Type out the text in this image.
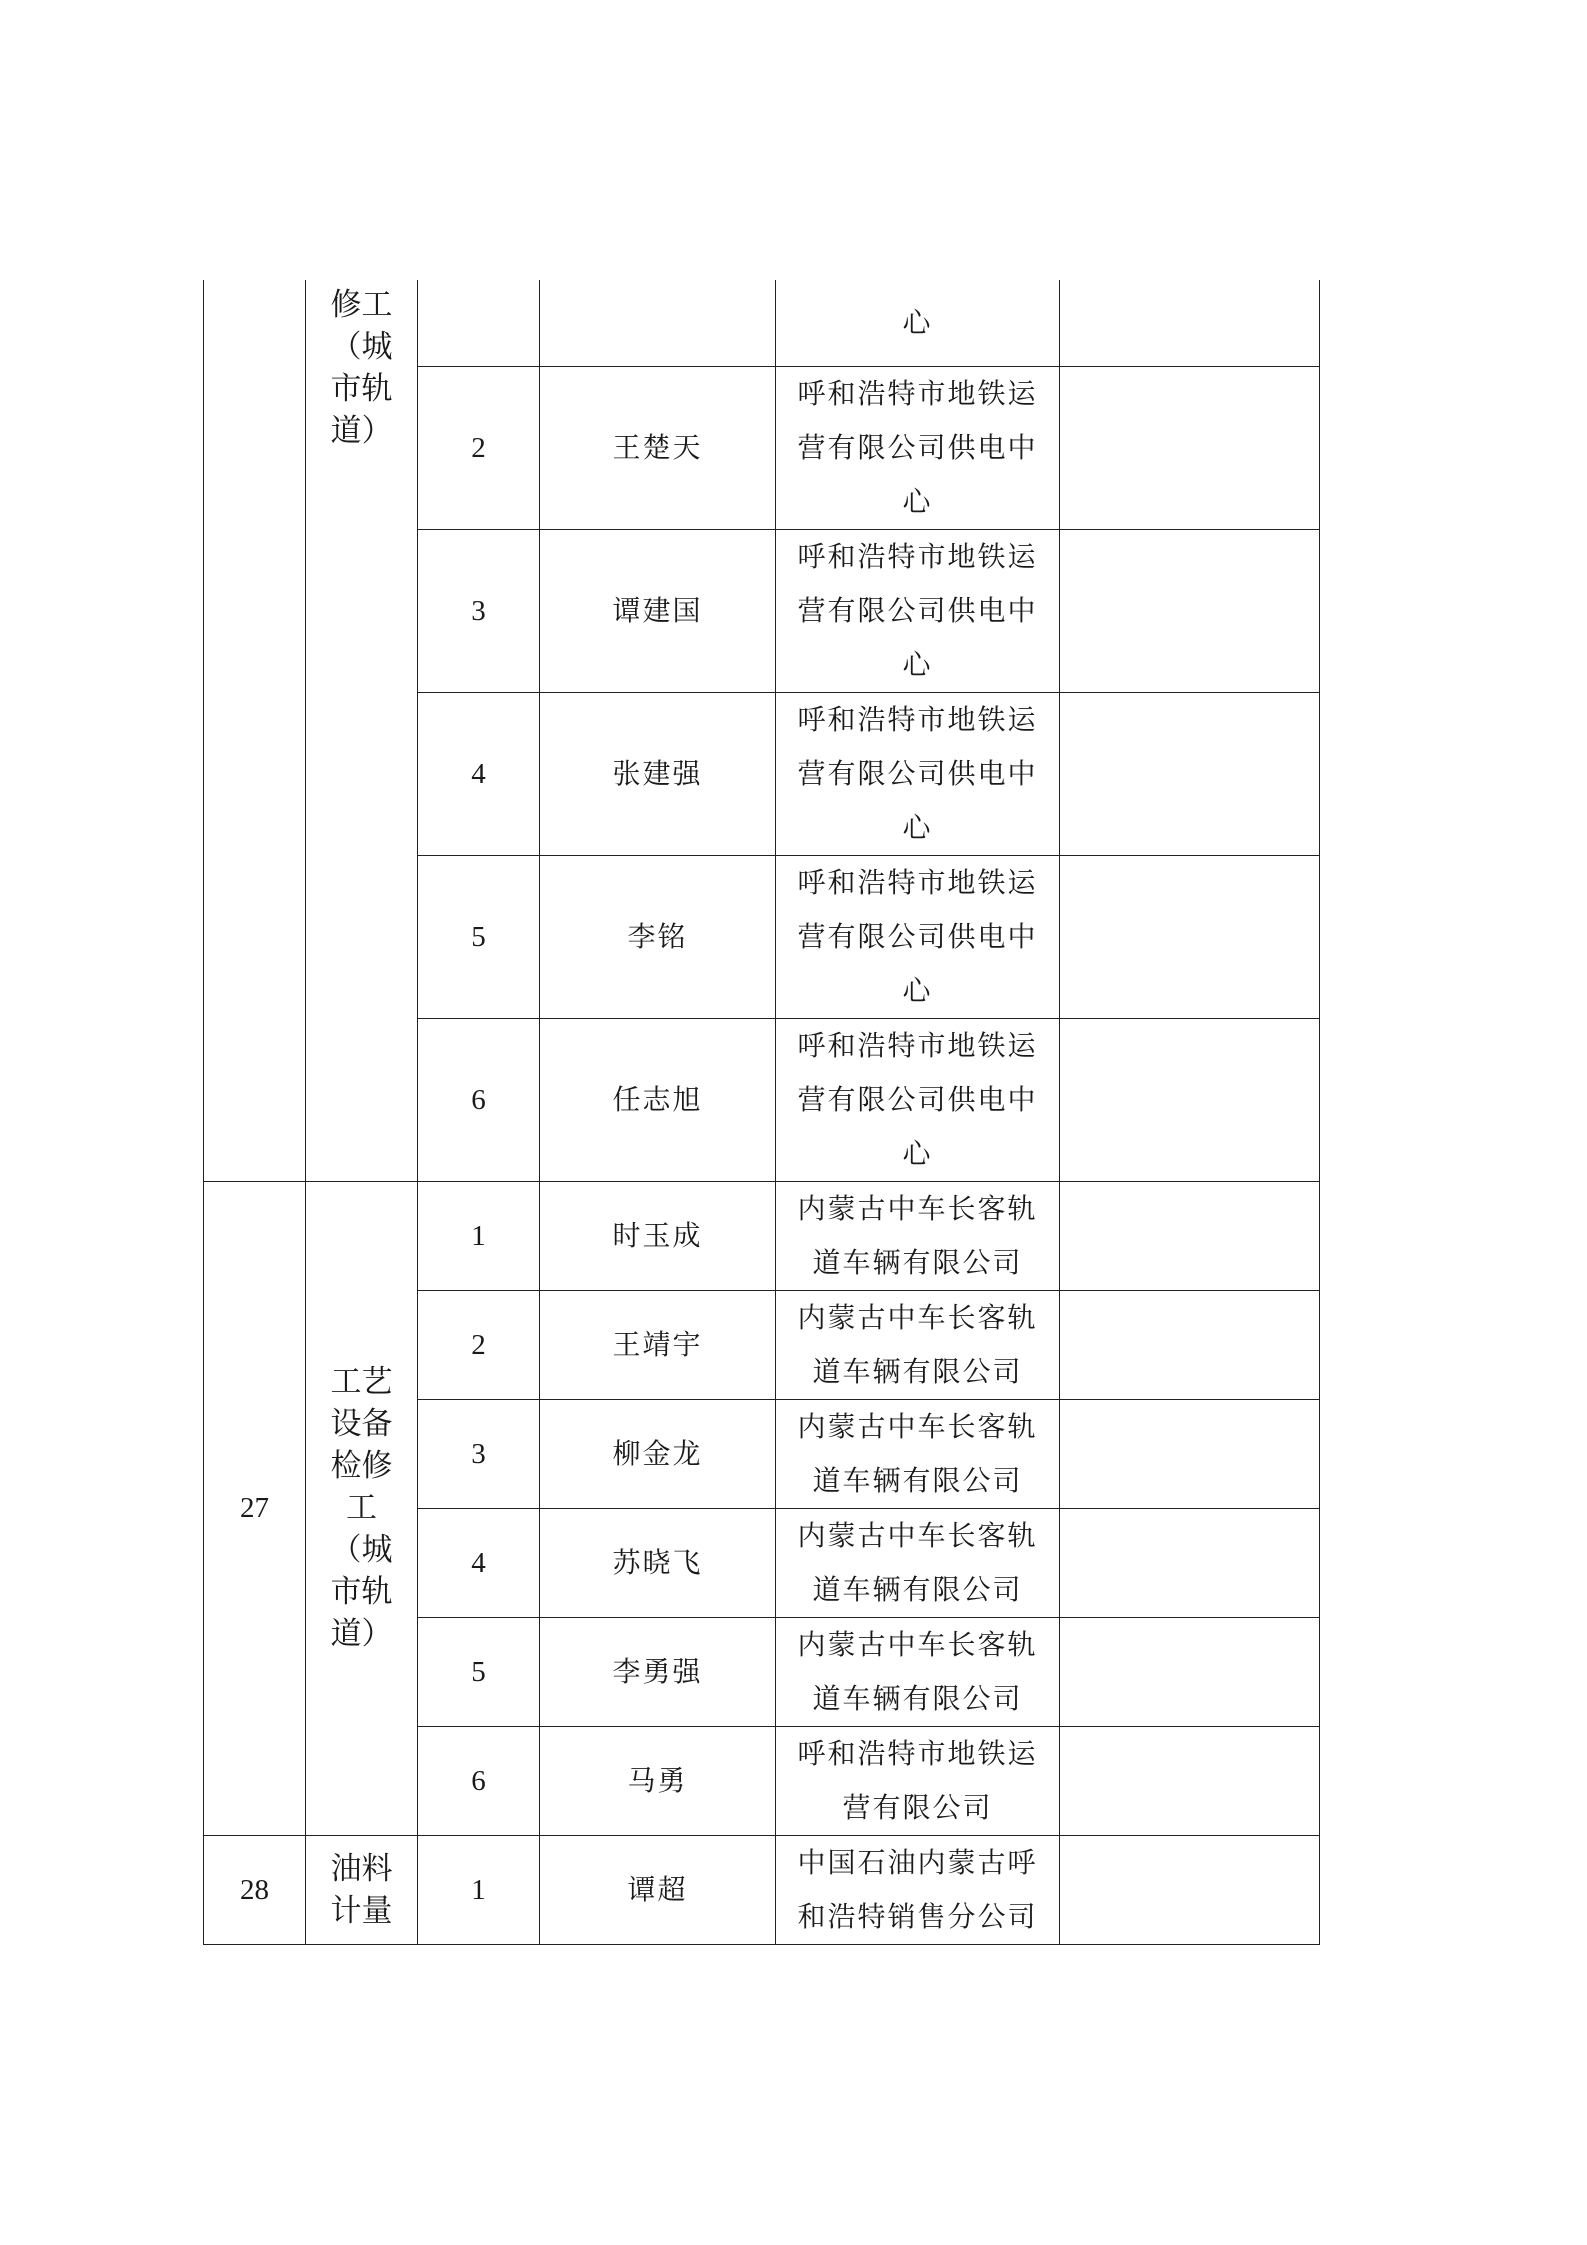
	修工（城市轨道）			心	

		2	王楚天	呼和浩特市地铁运
营有限公司供电中
心	

		3	谭建国	呼和浩特市地铁运
营有限公司供电中
心	

		4	张建强	呼和浩特市地铁运
营有限公司供电中
心	

		5	李铭	呼和浩特市地铁运
营有限公司供电中
心	

		6	任志旭	呼和浩特市地铁运
营有限公司供电中
心	

27	工艺设备检修工（城市轨道）	1	时玉成	内蒙古中车长客轨
道车辆有限公司	

		2	王靖宇	内蒙古中车长客轨
道车辆有限公司	

		3	柳金龙	内蒙古中车长客轨
道车辆有限公司	

		4	苏晓飞	内蒙古中车长客轨
道车辆有限公司	

		5	李勇强	内蒙古中车长客轨
道车辆有限公司	

		6	马勇	呼和浩特市地铁运
营有限公司	

28	油料计量	1	谭超	中国石油内蒙古呼
和浩特销售分公司	
